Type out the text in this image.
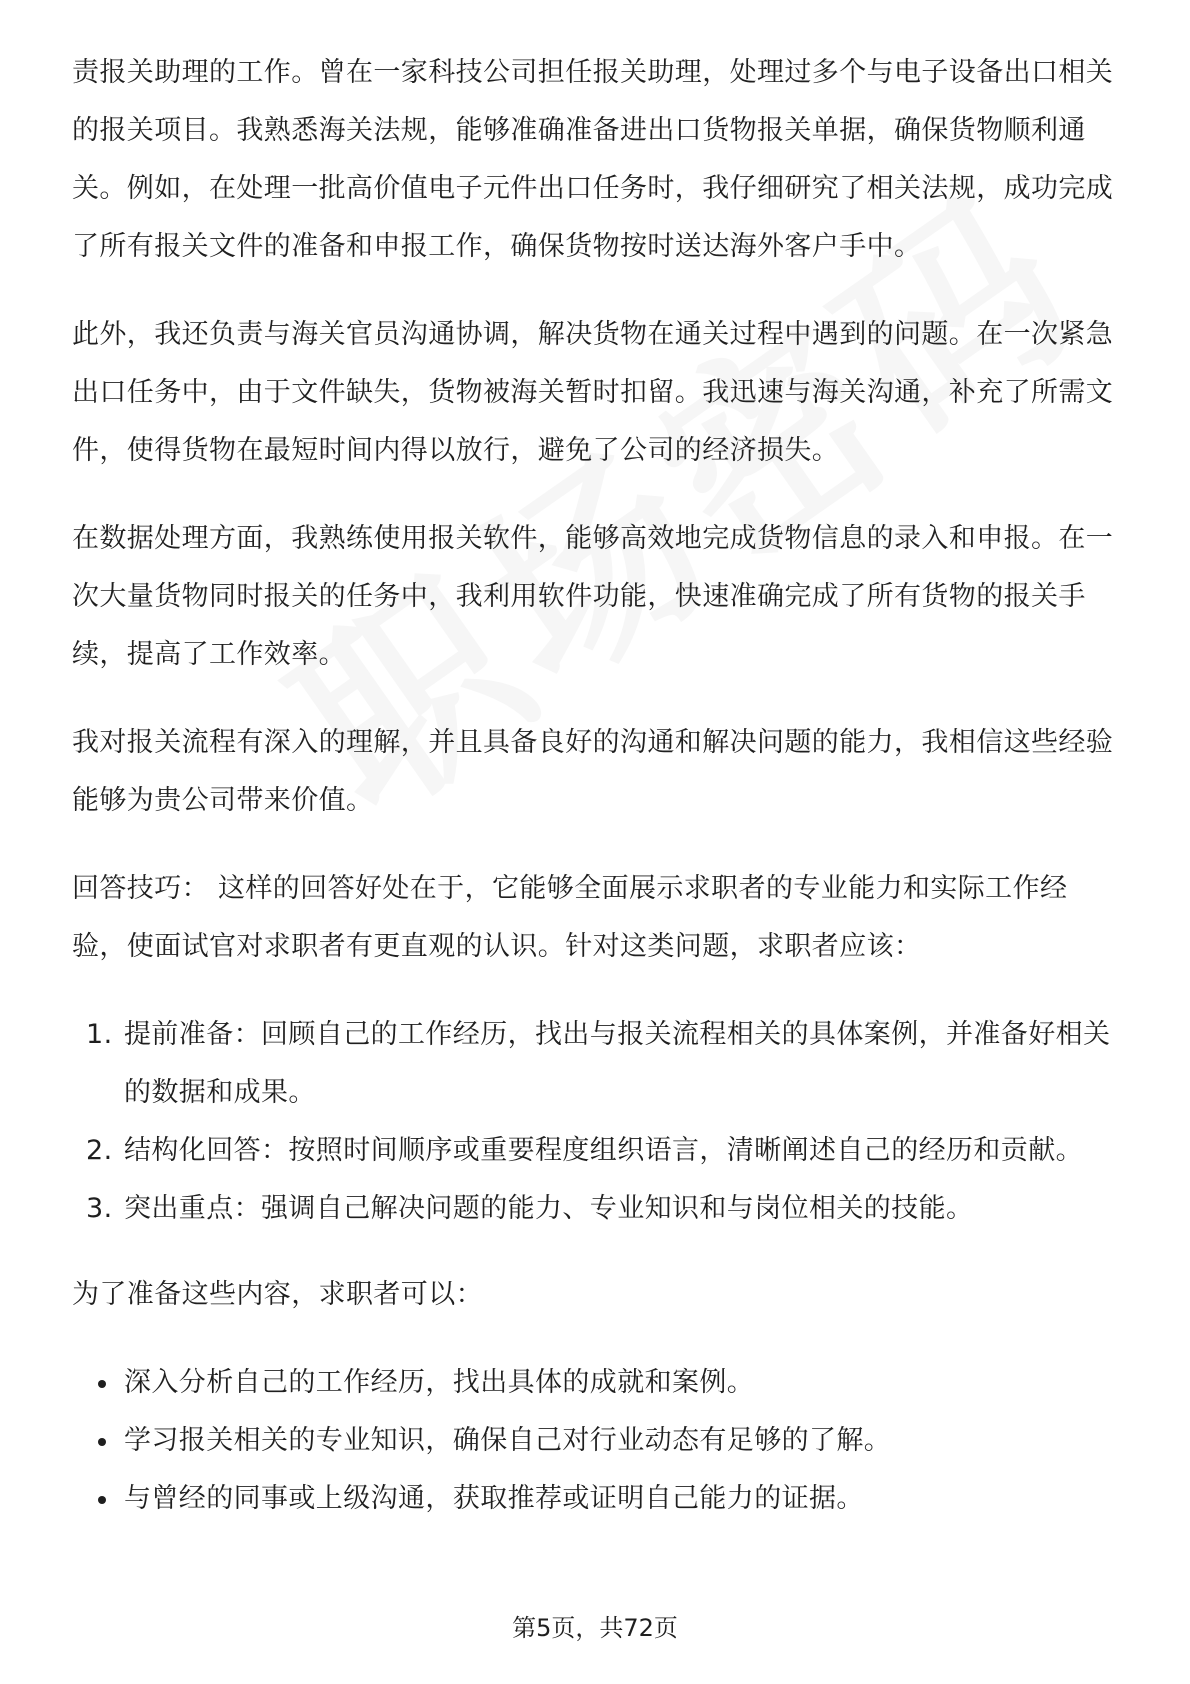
责报关助理的工作。曾在一家科技公司担任报关助理，处理过多个与电子设备出口相关的报关项目。我熟悉海关法规，能够准确准备进出口货物报关单据，确保货物顺利通关。例如，在处理一批高价值电子元件出口任务时，我仔细研究了相关法规，成功完成了所有报关文件的准备和申报工作，确保货物按时送达海外客户手中。

此外，我还负责与海关官员沟通协调，解决货物在通关过程中遇到的问题。在一次紧急出口任务中，由于文件缺失，货物被海关暂时扣留。我迅速与海关沟通，补充了所需文件，使得货物在最短时间内得以放行，避免了公司的经济损失。

在数据处理方面，我熟练使用报关软件，能够高效地完成货物信息的录入和申报。在一次大量货物同时报关的任务中，我利用软件功能，快速准确完成了所有货物的报关手续，提高了工作效率。

我对报关流程有深入的理解，并且具备良好的沟通和解决问题的能力，我相信这些经验能够为贵公司带来价值。

回答技巧： 这样的回答好处在于，它能够全面展示求职者的专业能力和实际工作经验，使面试官对求职者有更直观的认识。针对这类问题，求职者应该：

1. 提前准备：回顾自己的工作经历，找出与报关流程相关的具体案例，并准备好相关的数据和成果。
2. 结构化回答：按照时间顺序或重要程度组织语言，清晰阐述自己的经历和贡献。
3. 突出重点：强调自己解决问题的能力、专业知识和与岗位相关的技能。

为了准备这些内容，求职者可以：

深入分析自己的工作经历，找出具体的成就和案例。
学习报关相关的专业知识，确保自己对行业动态有足够的了解。
与曾经的同事或上级沟通，获取推荐或证明自己能力的证据。
第5页，共72页
